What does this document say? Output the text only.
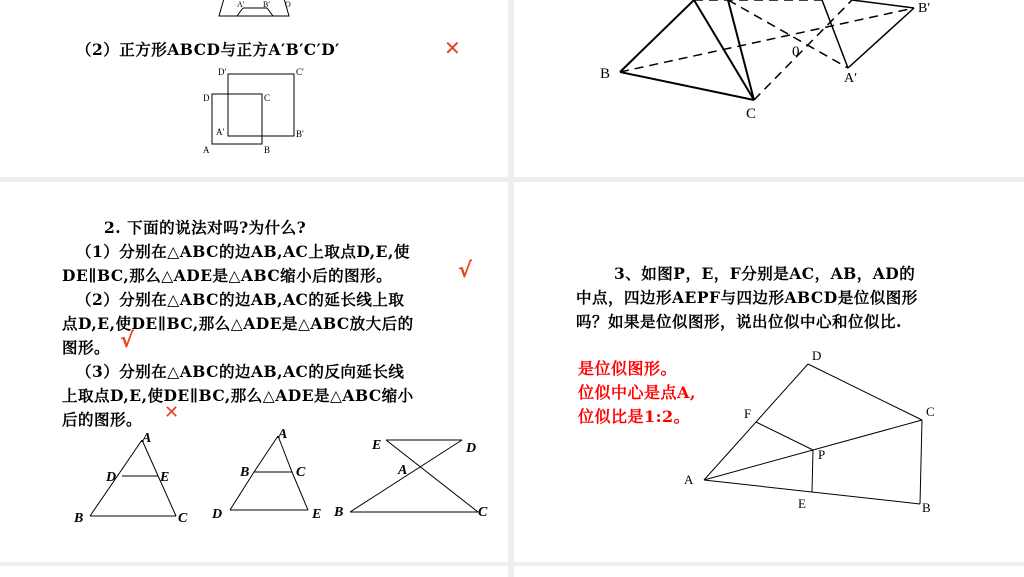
A′ B′ O
（2）正方形ABCD与正方A′B′C′D′	✕
D′	C′
D	C
A′	B′
A	B
B
C
0
A′
B′
2. 下面的说法对吗?为什么?
（1）分别在△ABC的边AB,AC上取点D,E,使
DE∥BC,那么△ADE是△ABC缩小后的图形。	√
（2）分别在△ABC的边AB,AC的延长线上取
点D,E,使DE∥BC,那么△ADE是△ABC放大后的
图形。 √
（3）分别在△ABC的边AB,AC的反向延长线
上取点D,E,使DE∥BC,那么△ADE是△ABC缩小
后的图形。 ✕
A
D	E
B	C
A
B	C
D	E
E	D
A
B	C
3、如图P，E，F分别是AC，AB，AD的
中点，四边形AEPF与四边形ABCD是位似图形
吗？如果是位似图形，说出位似中心和位似比.
是位似图形。
位似中心是点A,
位似比是1:2。
D
F	C
P
A
E	B
